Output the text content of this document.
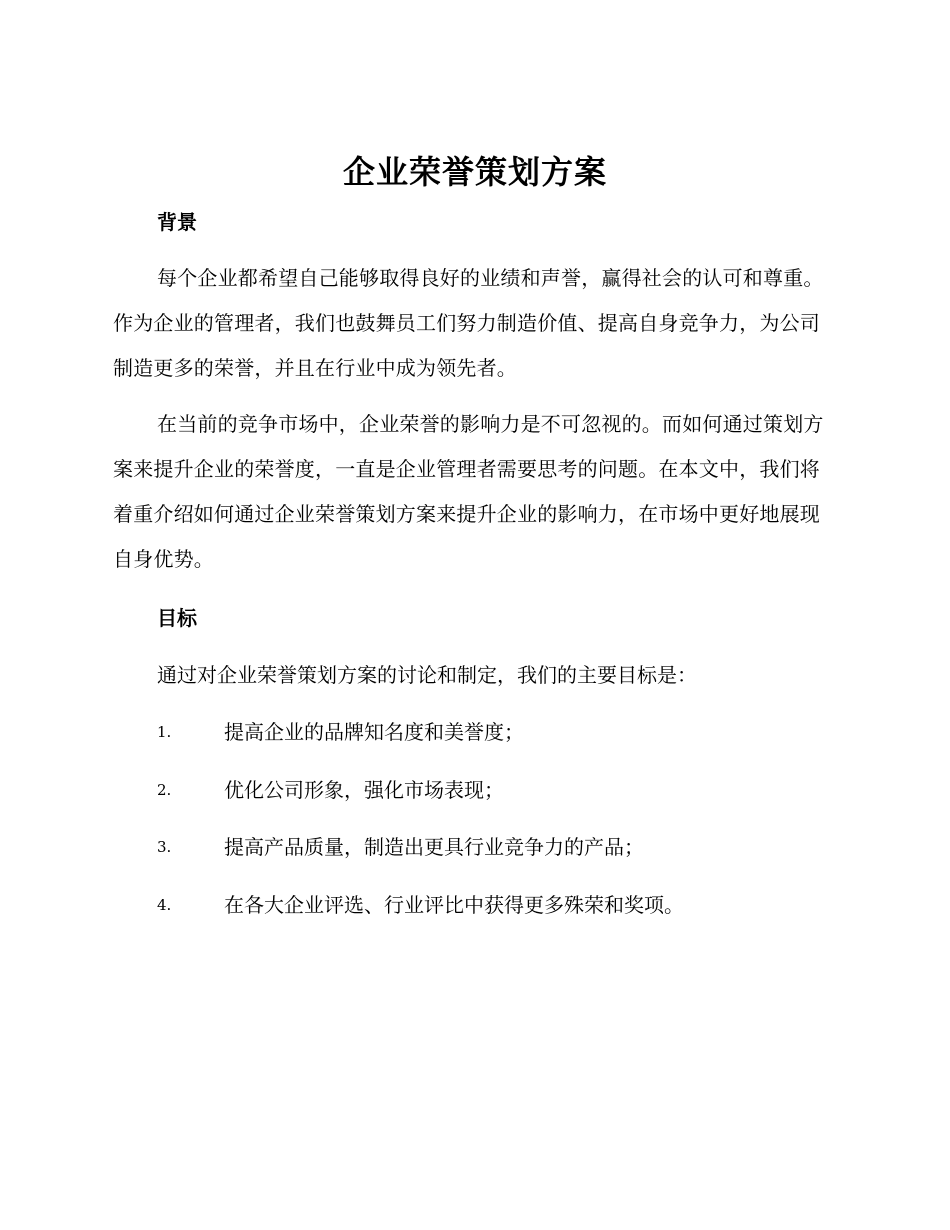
企业荣誉策划方案
背景
每个企业都希望自己能够取得良好的业绩和声誉，赢得社会的认可和尊重。作为企业的管理者，我们也鼓舞员工们努力制造价值、提高自身竞争力，为公司制造更多的荣誉，并且在行业中成为领先者。
在当前的竞争市场中，企业荣誉的影响力是不可忽视的。而如何通过策划方案来提升企业的荣誉度，一直是企业管理者需要思考的问题。在本文中，我们将着重介绍如何通过企业荣誉策划方案来提升企业的影响力，在市场中更好地展现自身优势。
目标
通过对企业荣誉策划方案的讨论和制定，我们的主要目标是：
1.	提高企业的品牌知名度和美誉度；
2.	优化公司形象，强化市场表现；
3.	提高产品质量，制造出更具行业竞争力的产品；
4.	在各大企业评选、行业评比中获得更多殊荣和奖项。
